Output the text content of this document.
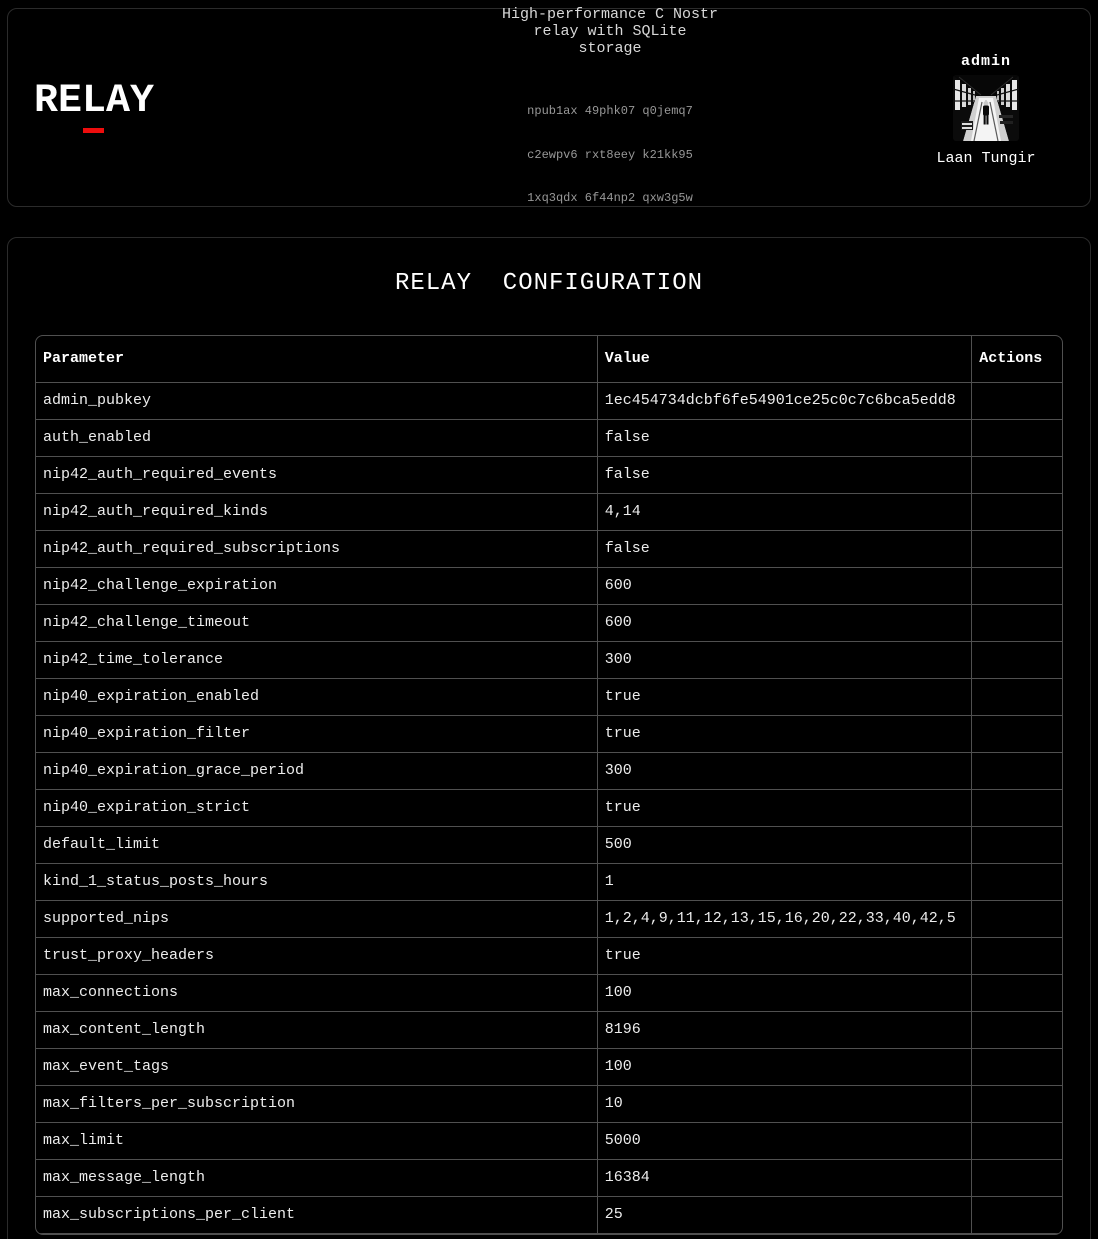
RELAY
High-performance C Nostr relay with SQLite storage

npub1ax 49phk07 q0jemq7

c2ewpv6 rxt8eey k21kk95

1xq3qdx 6f44np2 qxw3g5w

admin
Laan Tungir
RELAY  CONFIGURATION
Parameter	Value	Actions
admin_pubkey	1ec454734dcbf6fe54901ce25c0c7c6bca5edd8	
auth_enabled	false	
nip42_auth_required_events	false	
nip42_auth_required_kinds	4,14	
nip42_auth_required_subscriptions	false	
nip42_challenge_expiration	600	
nip42_challenge_timeout	600	
nip42_time_tolerance	300	
nip40_expiration_enabled	true	
nip40_expiration_filter	true	
nip40_expiration_grace_period	300	
nip40_expiration_strict	true	
default_limit	500	
kind_1_status_posts_hours	1	
supported_nips	1,2,4,9,11,12,13,15,16,20,22,33,40,42,5	
trust_proxy_headers	true	
max_connections	100	
max_content_length	8196	
max_event_tags	100	
max_filters_per_subscription	10	
max_limit	5000	
max_message_length	16384	
max_subscriptions_per_client	25	
